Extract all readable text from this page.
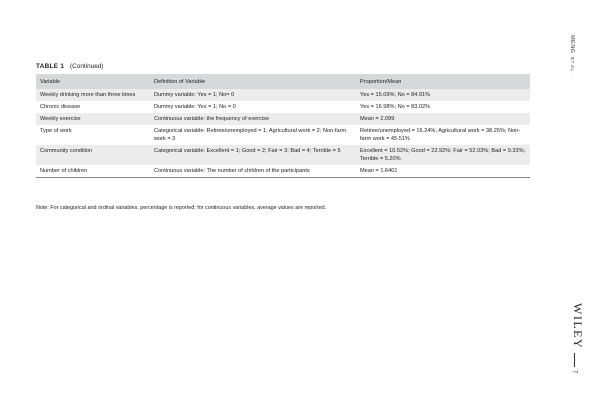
TABLE 1 (Continued)
Variable	Definition of Variable	Proportion/Mean
Weekly drinking more than three times	Dummy variable: Yes = 1; No= 0	Yes = 15.09%; No = 84.91%
Chronic disease	Dummy variable: Yes = 1; No = 0	Yes = 16.98%; No = 83.02%
Weekly exercise	Continuous variable: the frequency of exercise	Mean = 2.099
Type of work	Categorical variable: Retiree/unemployed = 1; Agricultural work = 2; Non-farm work = 3	Retiree/unemployed = 16.24%; Agricultural work = 38.25%; Non-farm work = 45.51%
Community condition	Categorical variable: Excellent = 1; Good = 2; Fair = 3; Bad = 4; Terrible = 5	Excellent = 10.52%; Good = 22.92%; Fair = 52.03%; Bad = 9.33%; Terrible = 5.20%
Number of children	Continuous variable: The number of children of the participants	Mean = 1.6401
Note: For categorical and ordinal variables, percentage is reported; for continuous variables, average values are reported.
MENG ET AL.
WILEY
7
